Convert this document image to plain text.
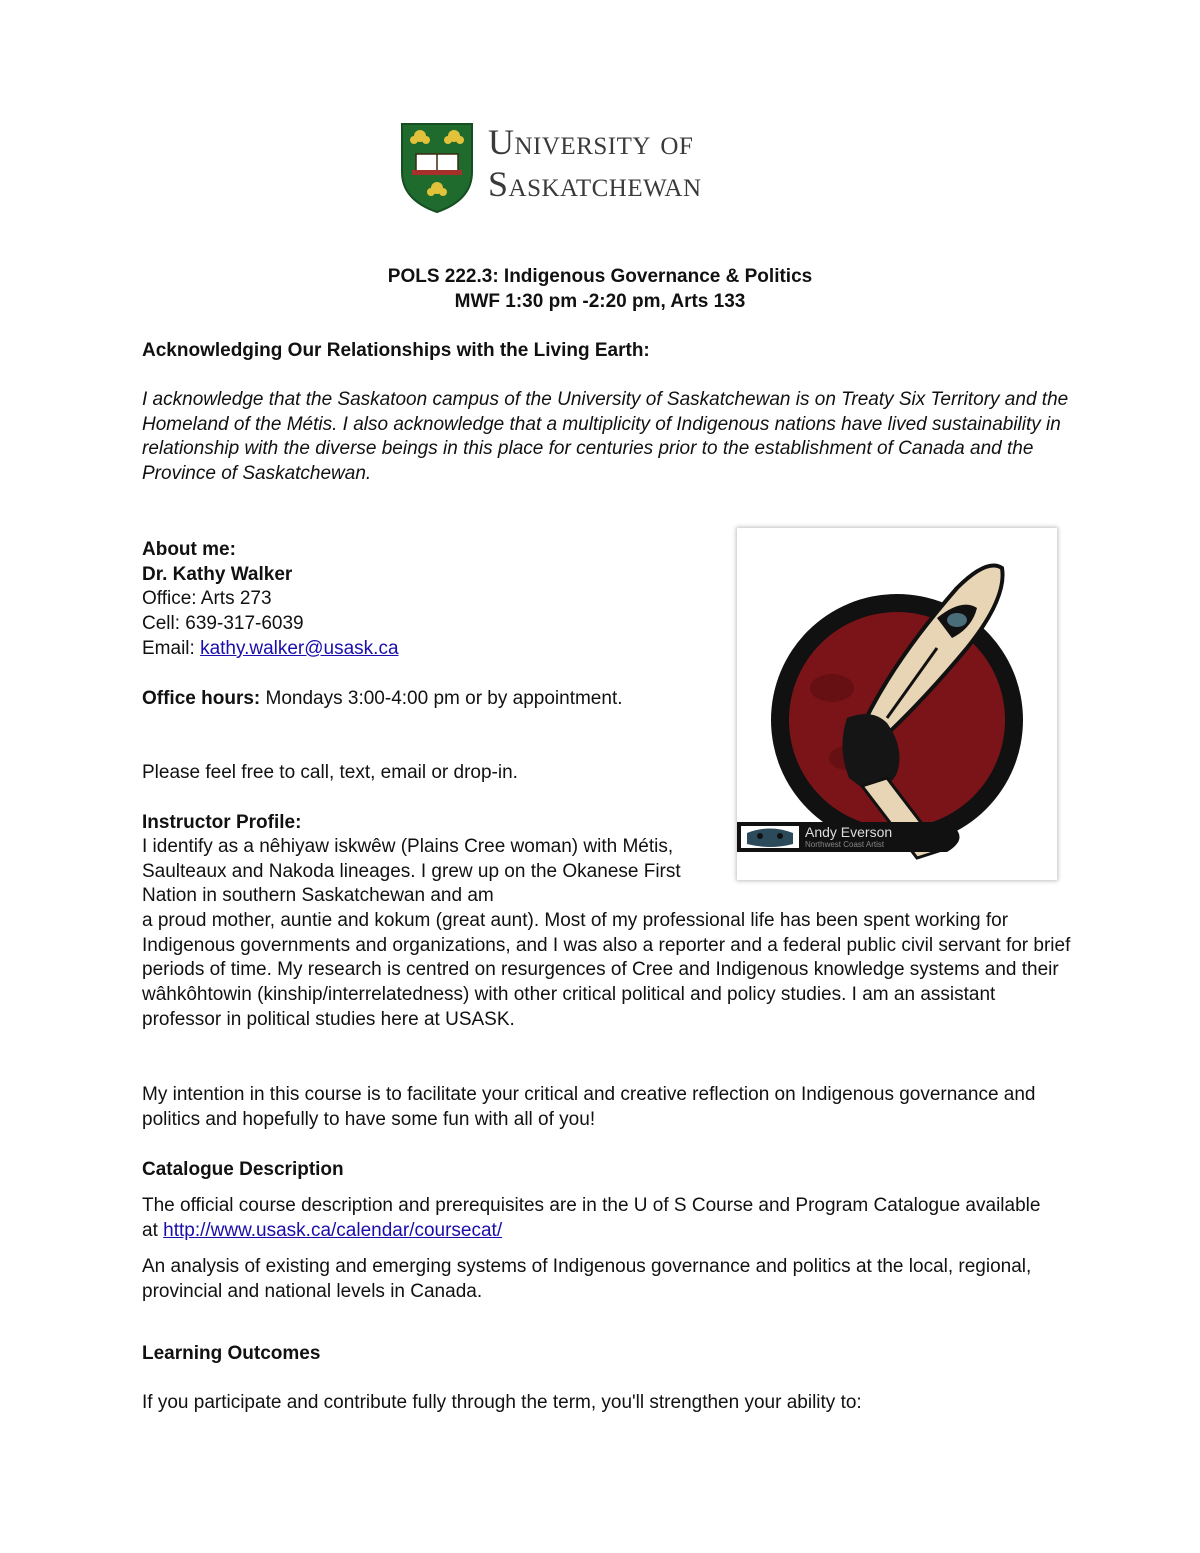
University of
Saskatchewan
POLS 222.3: Indigenous Governance & Politics
MWF 1:30 pm -2:20 pm, Arts 133
Acknowledging Our Relationships with the Living Earth:
I acknowledge that the Saskatoon campus of the University of Saskatchewan is on Treaty Six Territory and the Homeland of the Métis. I also acknowledge that a multiplicity of Indigenous nations have lived sustainability in relationship with the diverse beings in this place for centuries prior to the establishment of Canada and the Province of Saskatchewan.
About me:
Dr. Kathy Walker
Office: Arts 273
Cell: 639-317-6039
Email: kathy.walker@usask.ca
Office hours: Mondays 3:00-4:00 pm or by appointment.
Please feel free to call, text, email or drop-in.
Instructor Profile:
I identify as a nêhiyaw iskwêw (Plains Cree woman) with Métis, Saulteaux and Nakoda lineages. I grew up on the Okanese First Nation in southern Saskatchewan and am
a proud mother, auntie and kokum (great aunt). Most of my professional life has been spent working for Indigenous governments and organizations, and I was also a reporter and a federal public civil servant for brief periods of time. My research is centred on resurgences of Cree and Indigenous knowledge systems and their wâhkôhtowin (kinship/interrelatedness) with other critical political and policy studies. I am an assistant professor in political studies here at USASK.
My intention in this course is to facilitate your critical and creative reflection on Indigenous governance and politics and hopefully to have some fun with all of you!
Catalogue Description
The official course description and prerequisites are in the U of S Course and Program Catalogue available at http://www.usask.ca/calendar/coursecat/
An analysis of existing and emerging systems of Indigenous governance and politics at the local, regional, provincial and national levels in Canada.
Learning Outcomes
If you participate and contribute fully through the term, you'll strengthen your ability to:
Andy Everson
Northwest Coast Artist
